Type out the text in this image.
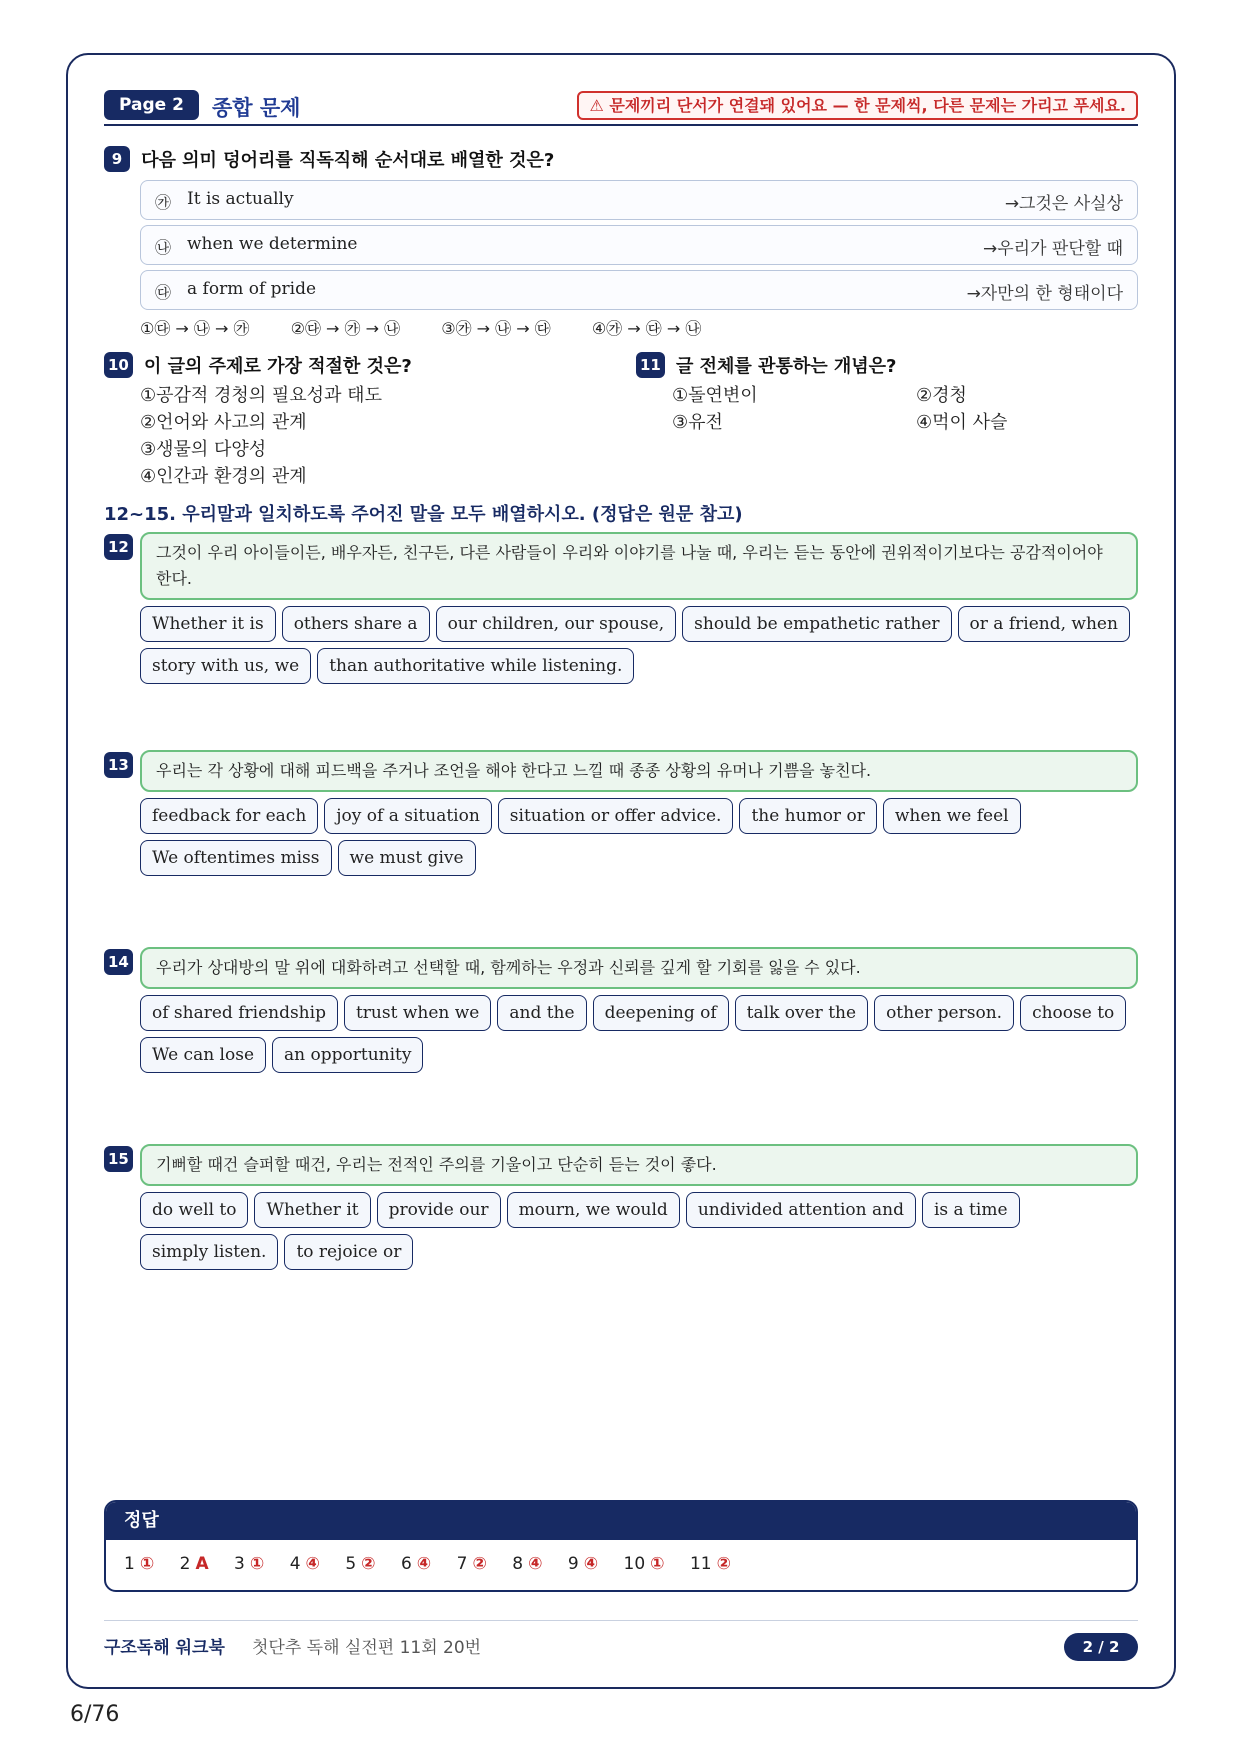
Page 2	종합 문제	⚠ 문제끼리 단서가 연결돼 있어요 — 한 문제씩, 다른 문제는 가리고 푸세요.
9 다음 의미 덩어리를 직독직해 순서대로 배열한 것은?
㉮ It is actually	→그것은 사실상
㉯ when we determine	→우리가 판단할 때
㉰ a form of pride	→자만의 한 형태이다
①㉰ → ㉯ → ㉮	②㉰ → ㉮ → ㉯	③㉮ → ㉯ → ㉰	④㉮ → ㉰ → ㉯
10 이 글의 주제로 가장 적절한 것은?
①공감적 경청의 필요성과 태도
②언어와 사고의 관계
③생물의 다양성
④인간과 환경의 관계
11 글 전체를 관통하는 개념은?
①돌연변이	②경청
③유전	④먹이 사슬
12~15. 우리말과 일치하도록 주어진 말을 모두 배열하시오. (정답은 원문 참고)
12	그것이 우리 아이들이든, 배우자든, 친구든, 다른 사람들이 우리와 이야기를 나눌 때, 우리는 듣는 동안에 권위적이기보다는 공감적이어야 한다.
Whether it is	others share a	our children, our spouse,	should be empathetic rather	or a friend, when
story with us, we	than authoritative while listening.
13	우리는 각 상황에 대해 피드백을 주거나 조언을 해야 한다고 느낄 때 종종 상황의 유머나 기쁨을 놓친다.
feedback for each	joy of a situation	situation or offer advice.	the humor or	when we feel
We oftentimes miss	we must give
14	우리가 상대방의 말 위에 대화하려고 선택할 때, 함께하는 우정과 신뢰를 깊게 할 기회를 잃을 수 있다.
of shared friendship	trust when we	and the	deepening of	talk over the	other person.	choose to
We can lose	an opportunity
15	기뻐할 때건 슬퍼할 때건, 우리는 전적인 주의를 기울이고 단순히 듣는 것이 좋다.
do well to	Whether it	provide our	mourn, we would	undivided attention and	is a time
simply listen.	to rejoice or
정답
1 ① 2 A 3 ① 4 ④ 5 ② 6 ④ 7 ② 8 ④ 9 ④ 10 ① 11 ②
구조독해 워크북 첫단추 독해 실전편 11회 20번	2 / 2
6/76
